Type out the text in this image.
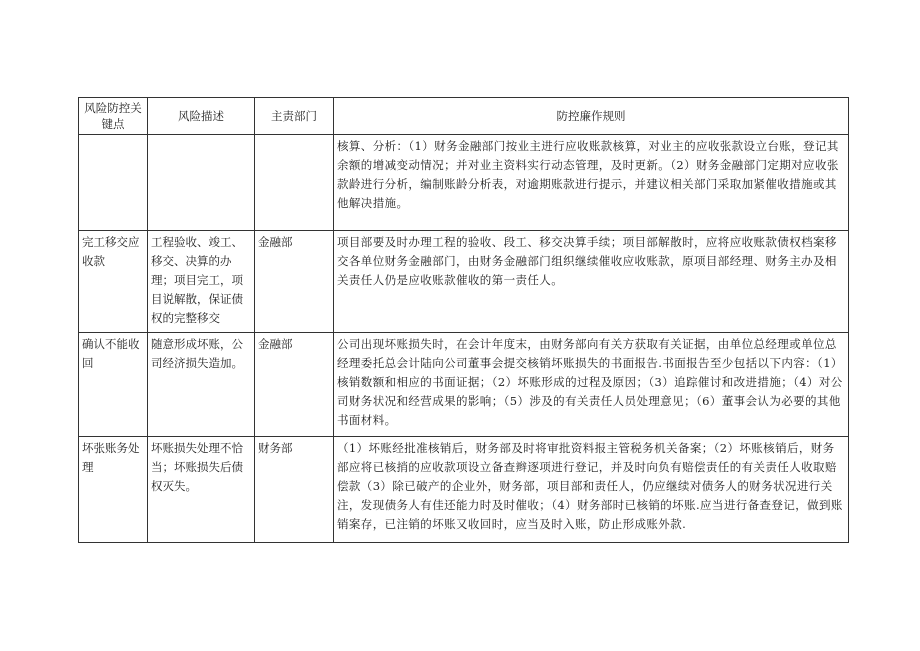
风险防控关键点	风险描述	主责部门	防控廉作规则
			核算、分析：（1）财务金融部门按业主进行应收账款核算，对业主的应收张款设立台账，登记其余额的增减变动情况；并对业主资料实行动态管理，及时更新。（2）财务金融部门定期对应收张款龄进行分析，编制账龄分析表，对逾期账款进行提示，并建议相关部门采取加紧催收措施或其他解决措施。
完工移交应收款	工程验收、竣工、移交、决算的办理；项目完工，项目说解散，保证债权的完整移交	金融部	项目部要及时办理工程的验收、段工、移交决算手续；项目部解散时，应将应收账款债权档案移交各单位财务金融部门，由财务金融部门组织继续催收应收账款，原项目部经理、财务主办及相关责任人仍是应收账款催收的第一责任人。
确认不能收回	随意形成坏账，公司经济损失造加。	金融部	公司出现坏账损失时，在会计年度末，由财务部向有关方获取有关证据，由单位总经理或单位总经理委托总会计陆向公司董事会提交核销坏账损失的书面报告.书面报告至少包括以下内容：（1）核销数额和相应的书面证据；（2）坏账形成的过程及原因；（3）追踪催讨和改进措施；（4）对公司财务状况和经营成果的影响；（5）涉及的有关责任人员处理意见；（6）董事会认为必要的其他书面材料。
坏张账务处理	坏账损失处理不恰当；坏账损失后债权灭失。	财务部	（1）坏账经批准核销后，财务部及时将审批资料报主管税务机关备案；（2）坏账核销后，财务部应将已核捎的应收款项设立备查辫逐项进行登记，并及时向负有赔偿责任的有关责任人收取赔偿款（3）除已破产的企业外，财务部，项目部和责任人，仍应继续对债务人的财务状况进行关注，发现债务人有佳还能力时及时催收；（4）财务部时已核销的坏账.应当进行备查登记，做到账销案存，已注销的坏账又收回时，应当及时入账，防止形成账外款.
